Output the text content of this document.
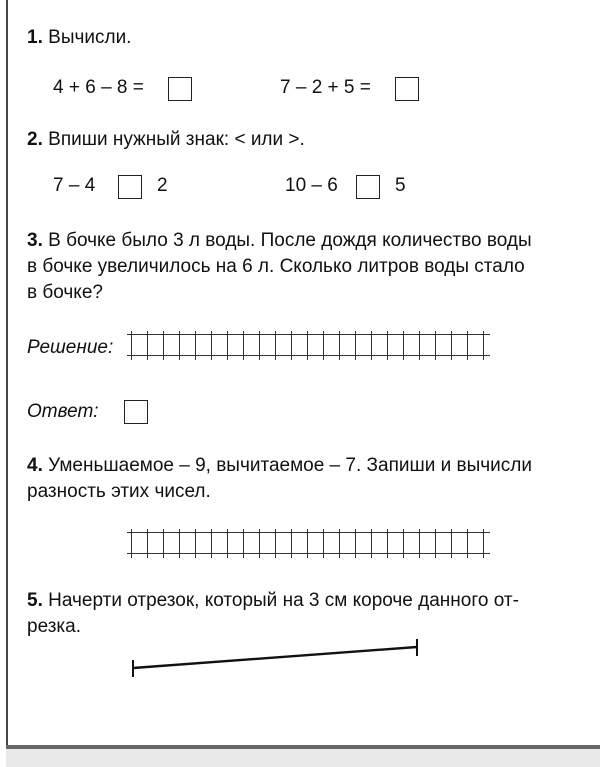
1. Вычисли.
4 + 6 – 8 =	7 – 2 + 5 =
2. Впиши нужный знак: < или >.
7 – 4	2	10 – 6	5
3. В бочке было 3 л воды. После дождя количество воды
в бочке увеличилось на 6 л. Сколько литров воды стало
в бочке?
Решение:
Ответ:
4. Уменьшаемое – 9, вычитаемое – 7. Запиши и вычисли
разность этих чисел.
5. Начерти отрезок, который на 3 см короче данного от-
резка.
